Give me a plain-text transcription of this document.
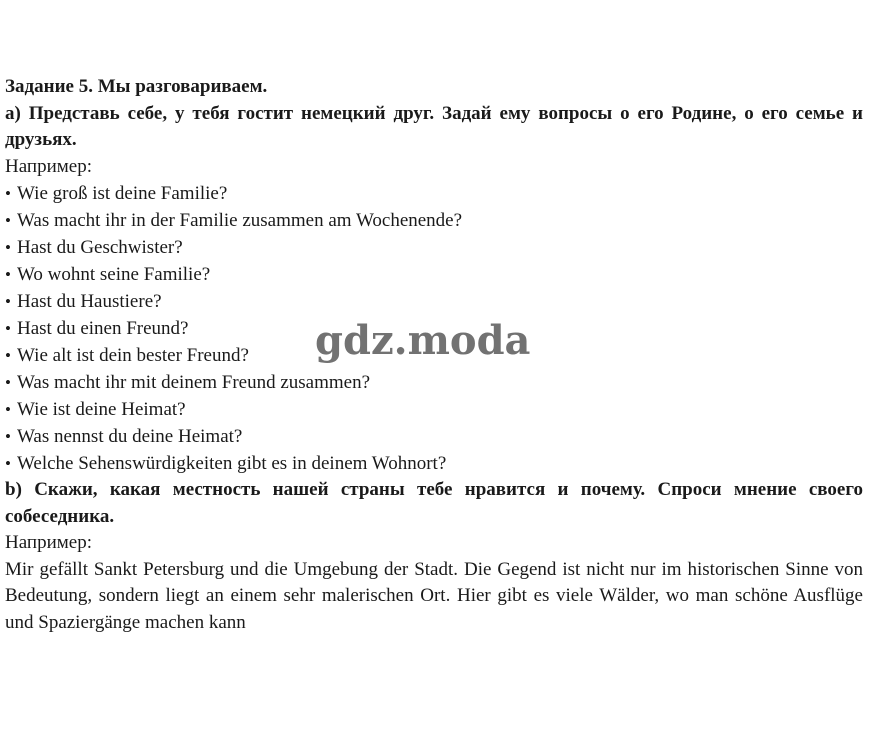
Задание 5. Мы разговариваем.
а) Представь себе, у тебя гостит немецкий друг. Задай ему вопросы о его Родине, о его семье и друзьях.
Например:
• Wie groß ist deine Familie?
• Was macht ihr in der Familie zusammen am Wochenende?
• Hast du Geschwister?
• Wo wohnt seine Familie?
• Hast du Haustiere?
• Hast du einen Freund?
• Wie alt ist dein bester Freund?
• Was macht ihr mit deinem Freund zusammen?
• Wie ist deine Heimat?
• Was nennst du deine Heimat?
• Welche Sehenswürdigkeiten gibt es in deinem Wohnort?
b) Скажи, какая местность нашей страны тебе нравится и почему. Спроси мнение своего собеседника.
Например:
Mir gefällt Sankt Petersburg und die Umgebung der Stadt. Die Gegend ist nicht nur im historischen Sinne von Bedeutung, sondern liegt an einem sehr malerischen Ort. Hier gibt es viele Wälder, wo man schöne Ausflüge und Spaziergänge machen kann
gdz.moda
